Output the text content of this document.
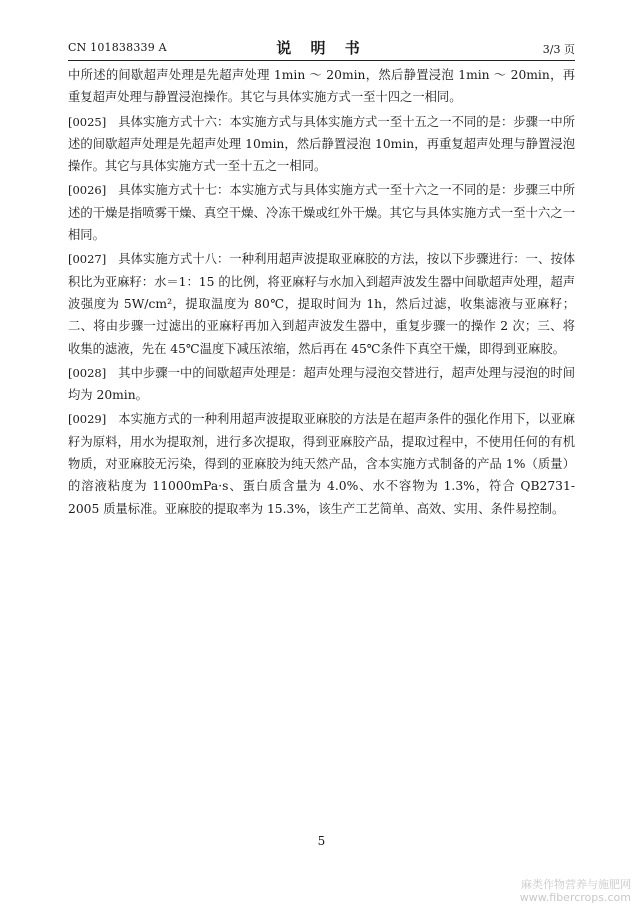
CN 101838339 A	说 明 书	3/3 页

中所述的间歇超声处理是先超声处理 1min ～ 20min，然后静置浸泡 1min ～ 20min，再重复超声处理与静置浸泡操作。其它与具体实施方式一至十四之一相同。

[0025] 具体实施方式十六：本实施方式与具体实施方式一至十五之一不同的是：步骤一中所述的间歇超声处理是先超声处理 10min，然后静置浸泡 10min，再重复超声处理与静置浸泡操作。其它与具体实施方式一至十五之一相同。

[0026] 具体实施方式十七：本实施方式与具体实施方式一至十六之一不同的是：步骤三中所述的干燥是指喷雾干燥、真空干燥、冷冻干燥或红外干燥。其它与具体实施方式一至十六之一相同。

[0027] 具体实施方式十八：一种利用超声波提取亚麻胶的方法，按以下步骤进行：一、按体积比为亚麻籽：水＝1：15 的比例，将亚麻籽与水加入到超声波发生器中间歇超声处理，超声波强度为 5W/cm²，提取温度为 80℃，提取时间为 1h，然后过滤，收集滤液与亚麻籽；二、将由步骤一过滤出的亚麻籽再加入到超声波发生器中，重复步骤一的操作 2 次；三、将收集的滤液，先在 45℃温度下减压浓缩，然后再在 45℃条件下真空干燥，即得到亚麻胶。

[0028] 其中步骤一中的间歇超声处理是：超声处理与浸泡交替进行，超声处理与浸泡的时间均为 20min。

[0029] 本实施方式的一种利用超声波提取亚麻胶的方法是在超声条件的强化作用下，以亚麻籽为原料，用水为提取剂，进行多次提取，得到亚麻胶产品，提取过程中，不使用任何的有机物质，对亚麻胶无污染，得到的亚麻胶为纯天然产品，含本实施方式制备的产品 1%（质量）的溶液粘度为 11000mPa·s、蛋白质含量为 4.0%、水不容物为 1.3%，符合 QB2731-2005 质量标准。亚麻胶的提取率为 15.3%，该生产工艺简单、高效、实用、条件易控制。

5
麻类作物营养与施肥网
www.fibercrops.com
